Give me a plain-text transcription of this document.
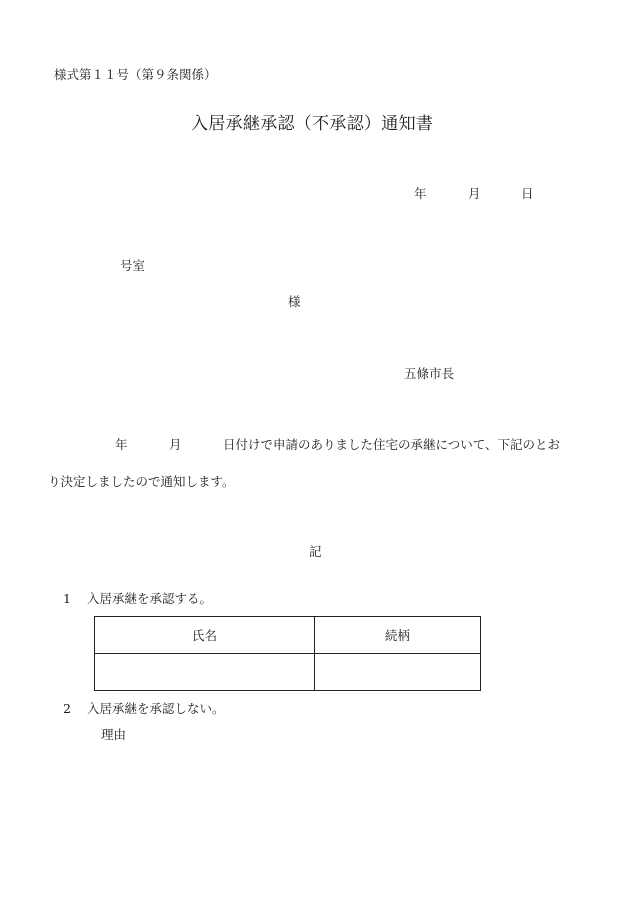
様式第１１号（第９条関係）
入居承継承認（不承認）通知書
年	月	日
号室
様
五條市長
年	月	日付けで申請のありました住宅の承継について、下記のとお
り決定しましたので通知します。
記
1 入居承継を承認する。
氏名	続柄

2 入居承継を承認しない。
理由
